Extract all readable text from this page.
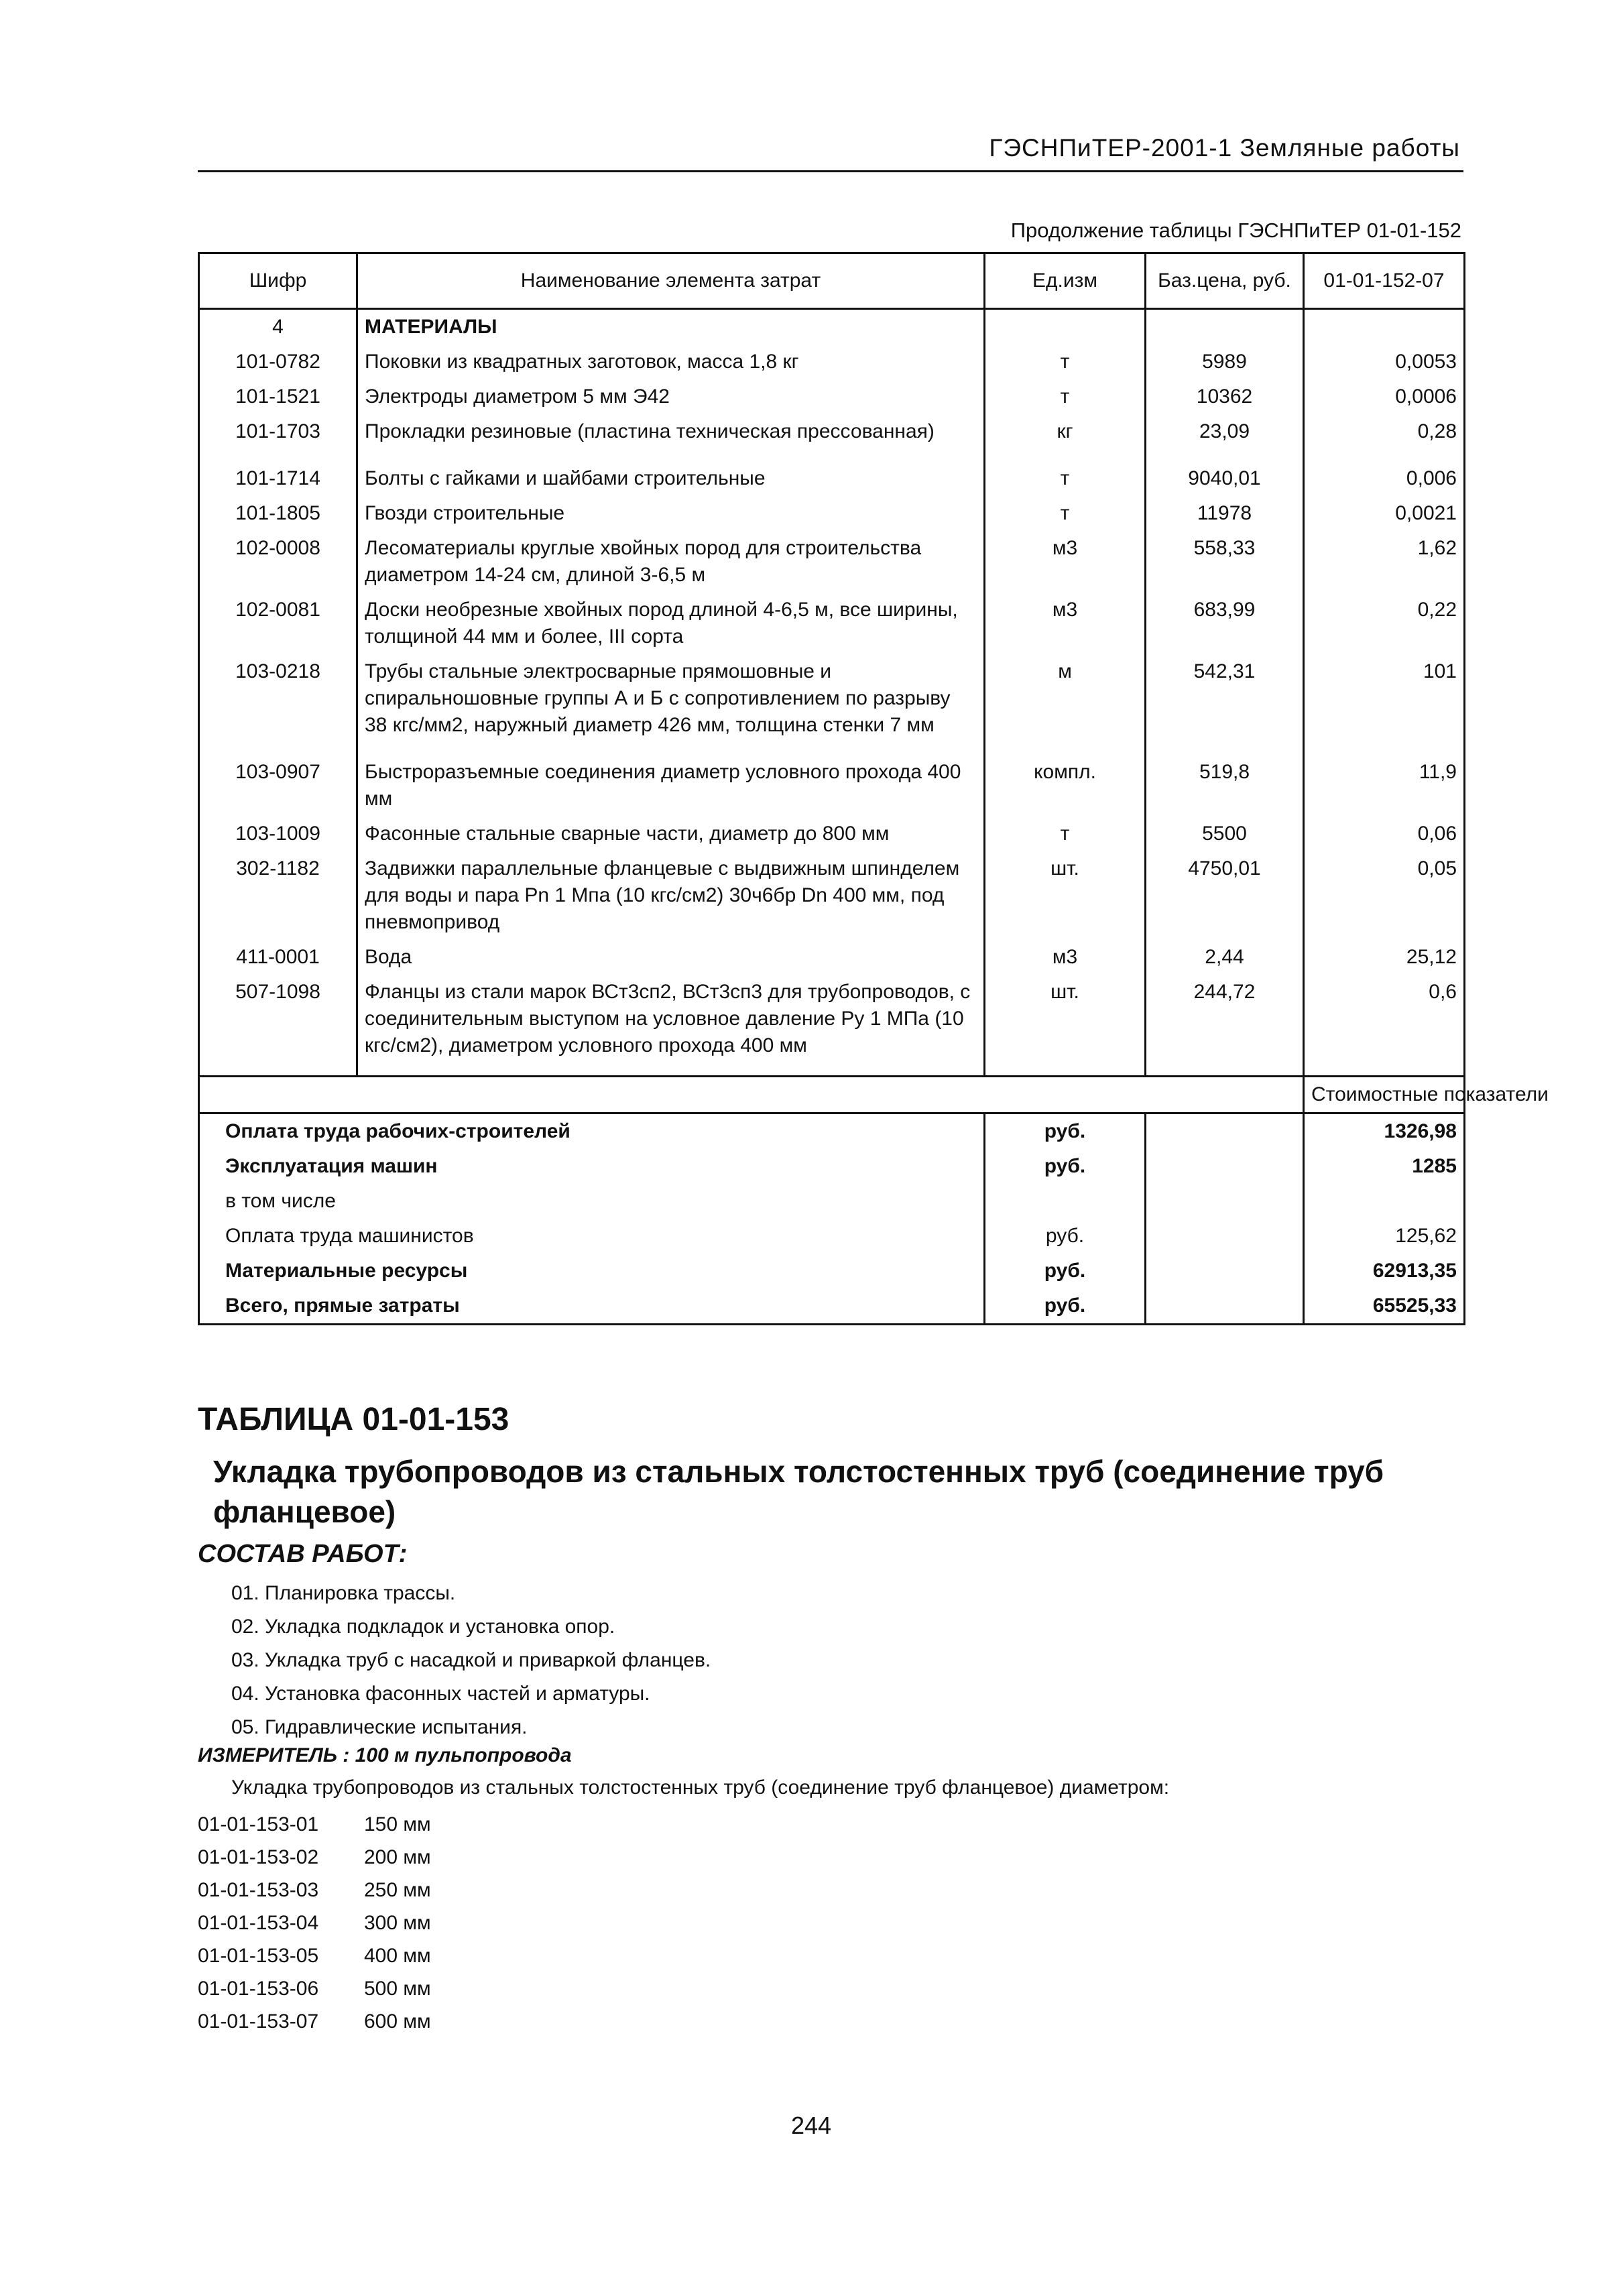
ГЭСНПиТЕР-2001-1 Земляные работы
Продолжение таблицы ГЭСНПиТЕР 01-01-152
Шифр	Наименование элемента затрат	Ед.изм	Баз.цена, руб.	01-01-152-07
4	МАТЕРИАЛЫ			
101-0782	Поковки из квадратных заготовок, масса 1,8 кг	т	5989	0,0053
101-1521	Электроды диаметром 5 мм Э42	т	10362	0,0006
101-1703	Прокладки резиновые (пластина техническая прессованная)	кг	23,09	0,28
101-1714	Болты с гайками и шайбами строительные	т	9040,01	0,006
101-1805	Гвозди строительные	т	11978	0,0021
102-0008	Лесоматериалы круглые хвойных пород для строительства диаметром 14-24 см, длиной 3-6,5 м	м3	558,33	1,62
102-0081	Доски необрезные хвойных пород длиной 4-6,5 м, все ширины, толщиной 44 мм и более, III сорта	м3	683,99	0,22
103-0218	Трубы стальные электросварные прямошовные и спиральношовные группы А и Б с сопротивлением по разрыву 38 кгс/мм2, наружный диаметр 426 мм, толщина стенки 7 мм	м	542,31	101
103-0907	Быстроразъемные соединения диаметр условного прохода 400 мм	компл.	519,8	11,9
103-1009	Фасонные стальные сварные части, диаметр до 800 мм	т	5500	0,06
302-1182	Задвижки параллельные фланцевые с выдвижным шпинделем для воды и пара Рn 1 Мпа (10 кгс/см2) 30ч6бр Dn 400 мм, под пневмопривод	шт.	4750,01	0,05
411-0001	Вода	м3	2,44	25,12
507-1098	Фланцы из стали марок ВСт3сп2, ВСт3сп3 для трубопроводов, с соединительным выступом на условное давление Ру 1 МПа (10 кгс/см2), диаметром условного прохода 400 мм	шт.	244,72	0,6

				Стоимостные показатели
Оплата труда рабочих-строителей		руб.		1326,98
Эксплуатация машин		руб.		1285
в том числе				
Оплата труда машинистов		руб.		125,62
Материальные ресурсы		руб.		62913,35
Всего, прямые затраты		руб.		65525,33
ТАБЛИЦА 01-01-153
Укладка трубопроводов из стальных толстостенных труб (соединение труб фланцевое)
СОСТАВ РАБОТ:
01. Планировка трассы.
02. Укладка подкладок и установка опор.
03. Укладка труб с насадкой и приваркой фланцев.
04. Установка фасонных частей и арматуры.
05. Гидравлические испытания.
ИЗМЕРИТЕЛЬ : 100 м пульпопровода
Укладка трубопроводов из стальных толстостенных труб (соединение труб фланцевое) диаметром:
01-01-153-01	150 мм
01-01-153-02	200 мм
01-01-153-03	250 мм
01-01-153-04	300 мм
01-01-153-05	400 мм
01-01-153-06	500 мм
01-01-153-07	600 мм
244
